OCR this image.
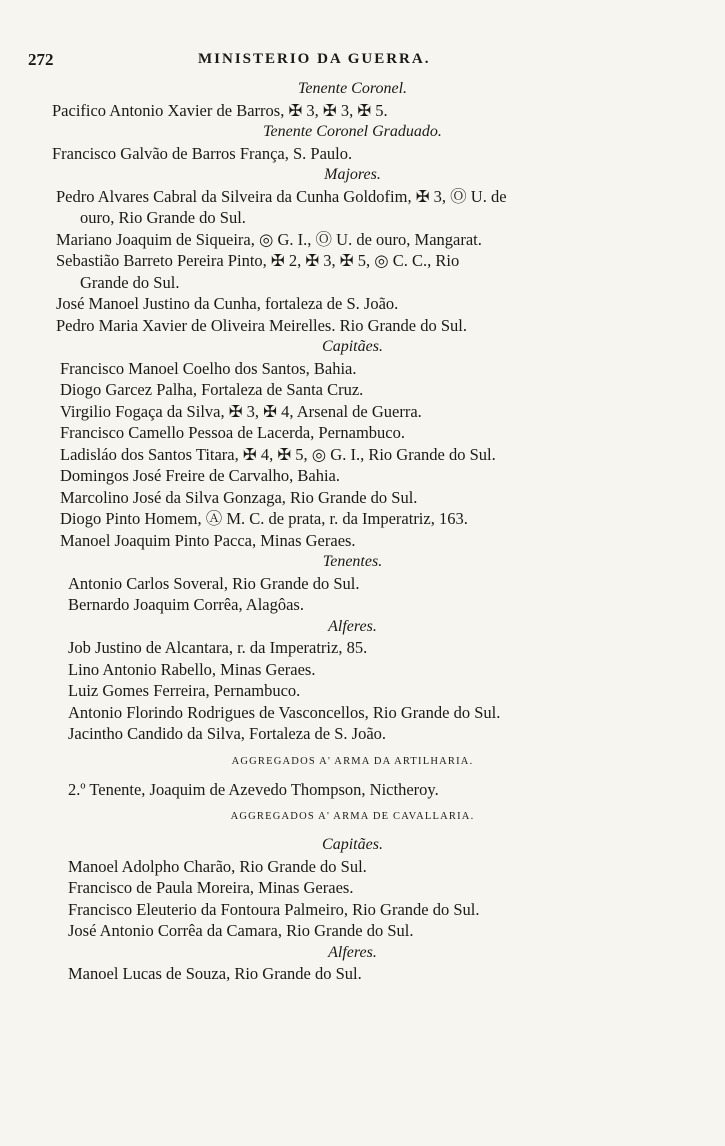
272	MINISTERIO DA GUERRA.
Tenente Coronel.
Pacifico Antonio Xavier de Barros, ✠ 3, ✠ 3, ✠ 5.
Tenente Coronel Graduado.
Francisco Galvão de Barros França, S. Paulo.
Majores.
Pedro Alvares Cabral da Silveira da Cunha Goldofim, ✠ 3, Ⓞ U. de
ouro, Rio Grande do Sul.
Mariano Joaquim de Siqueira, ◎ G. I., Ⓞ U. de ouro, Mangarat.
Sebastião Barreto Pereira Pinto, ✠ 2, ✠ 3, ✠ 5, ◎ C. C., Rio
Grande do Sul.
José Manoel Justino da Cunha, fortaleza de S. João.
Pedro Maria Xavier de Oliveira Meirelles. Rio Grande do Sul.
Capitães.
Francisco Manoel Coelho dos Santos, Bahia.
Diogo Garcez Palha, Fortaleza de Santa Cruz.
Virgilio Fogaça da Silva, ✠ 3, ✠ 4, Arsenal de Guerra.
Francisco Camello Pessoa de Lacerda, Pernambuco.
Ladisláo dos Santos Titara, ✠ 4, ✠ 5, ◎ G. I., Rio Grande do Sul.
Domingos José Freire de Carvalho, Bahia.
Marcolino José da Silva Gonzaga, Rio Grande do Sul.
Diogo Pinto Homem, Ⓐ M. C. de prata, r. da Imperatriz, 163.
Manoel Joaquim Pinto Pacca, Minas Geraes.
Tenentes.
Antonio Carlos Soveral, Rio Grande do Sul.
Bernardo Joaquim Corrêa, Alagôas.
Alferes.
Job Justino de Alcantara, r. da Imperatriz, 85.
Lino Antonio Rabello, Minas Geraes.
Luiz Gomes Ferreira, Pernambuco.
Antonio Florindo Rodrigues de Vasconcellos, Rio Grande do Sul.
Jacintho Candido da Silva, Fortaleza de S. João.
AGGREGADOS A' ARMA DA ARTILHARIA.
2.º Tenente, Joaquim de Azevedo Thompson, Nictheroy.
AGGREGADOS A' ARMA DE CAVALLARIA.
Capitães.
Manoel Adolpho Charão, Rio Grande do Sul.
Francisco de Paula Moreira, Minas Geraes.
Francisco Eleuterio da Fontoura Palmeiro, Rio Grande do Sul.
José Antonio Corrêa da Camara, Rio Grande do Sul.
Alferes.
Manoel Lucas de Souza, Rio Grande do Sul.
